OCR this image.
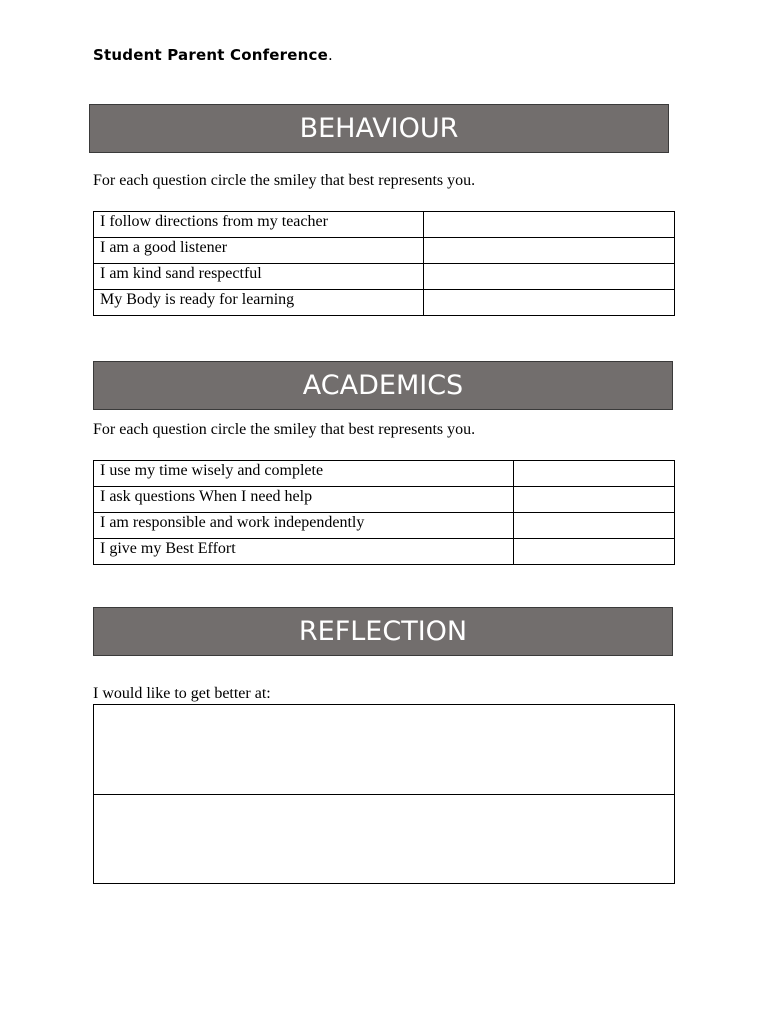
Student Parent Conference.
BEHAVIOUR
For each question circle the smiley that best represents you.
I follow directions from my teacher	
I am a good listener	
I am kind sand respectful	
My Body is ready for learning	
ACADEMICS
For each question circle the smiley that best represents you.
I use my time wisely and complete	
I ask questions When I need help	
I am responsible and work independently	
I give my Best Effort	
REFLECTION
I would like to get better at:
